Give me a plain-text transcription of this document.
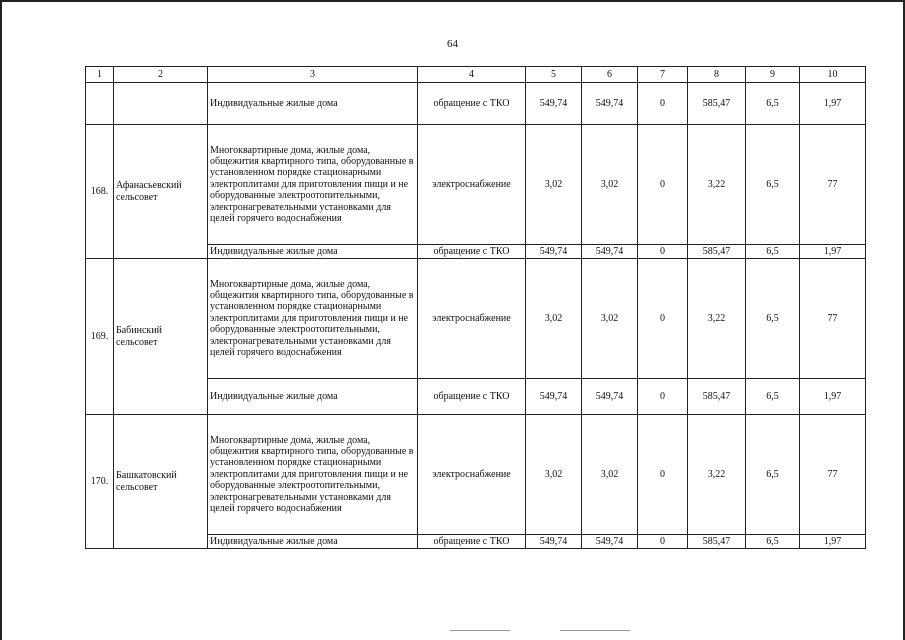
64
1	2	3	4	5	6	7	8	9	10
		Индивидуальные жилые дома	обращение с ТКО	549,74	549,74	0	585,47	6,5	1,97
168.	Афанасьевский сельсовет	Многоквартирные дома, жилые дома, общежития квартирного типа, оборудованные в установленном порядке стационарными электроплитами для приготовления пищи и не оборудованные электроотопительными, электронагревательными установками для целей горячего водоснабжения	электроснабжение	3,02	3,02	0	3,22	6,5	77
		Индивидуальные жилые дома	обращение с ТКО	549,74	549,74	0	585,47	6,5	1,97
169.	Бабинский сельсовет	Многоквартирные дома, жилые дома, общежития квартирного типа, оборудованные в установленном порядке стационарными электроплитами для приготовления пищи и не оборудованные электроотопительными, электронагревательными установками для целей горячего водоснабжения	электроснабжение	3,02	3,02	0	3,22	6,5	77
		Индивидуальные жилые дома	обращение с ТКО	549,74	549,74	0	585,47	6,5	1,97
170.	Башкатовский сельсовет	Многоквартирные дома, жилые дома, общежития квартирного типа, оборудованные в установленном порядке стационарными электроплитами для приготовления пищи и не оборудованные электроотопительными, электронагревательными установками для целей горячего водоснабжения	электроснабжение	3,02	3,02	0	3,22	6,5	77
		Индивидуальные жилые дома	обращение с ТКО	549,74	549,74	0	585,47	6,5	1,97
